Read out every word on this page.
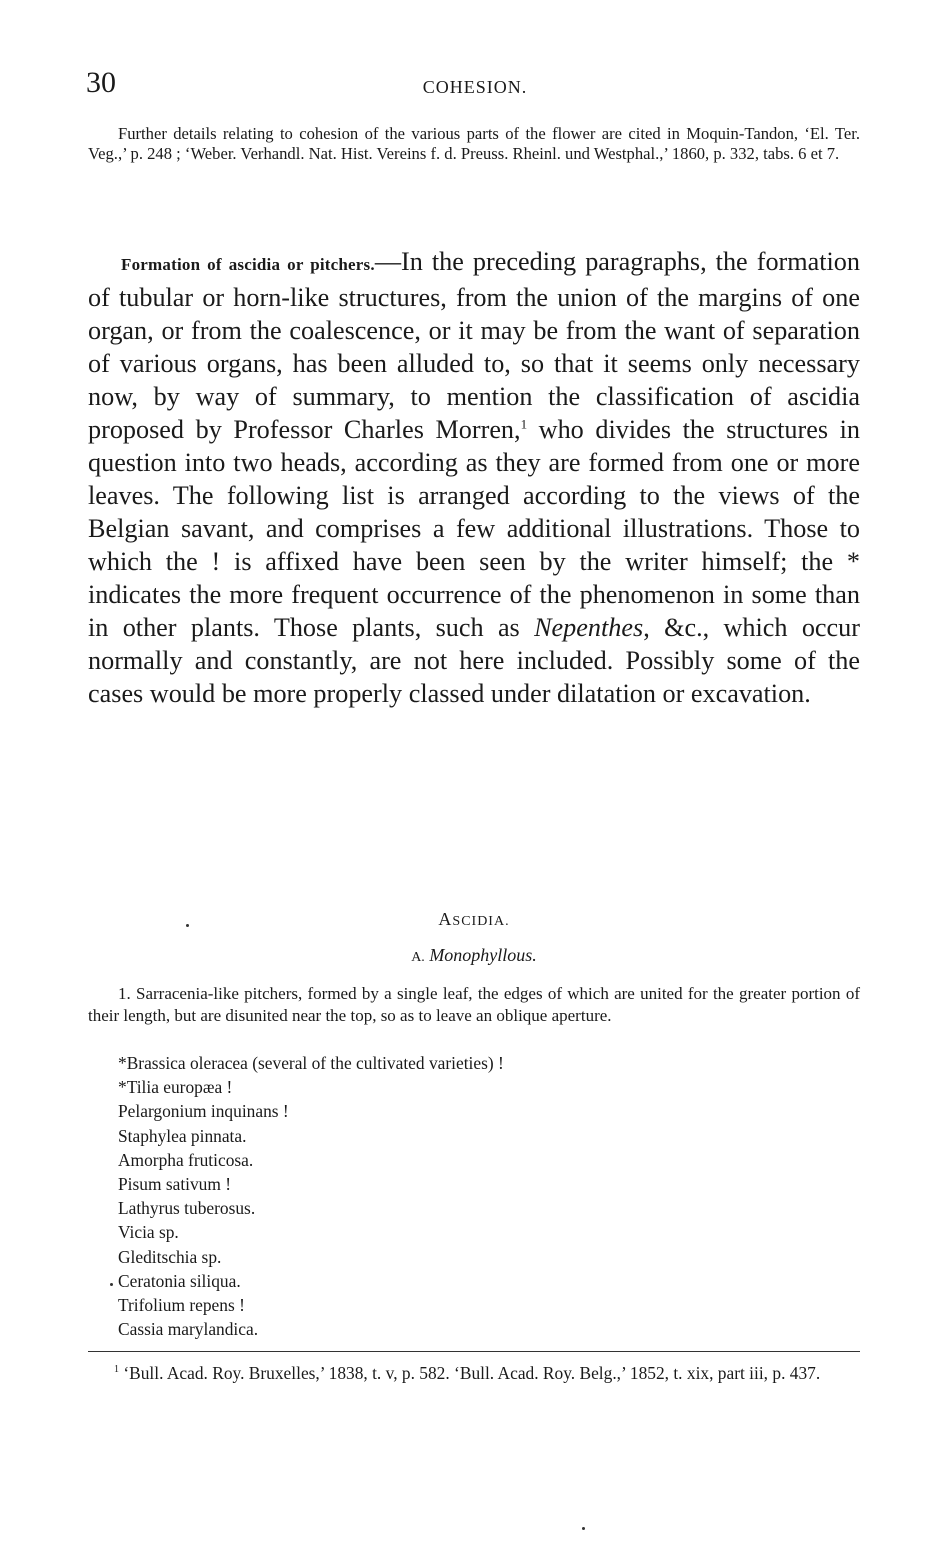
30	COHESION.

Further details relating to cohesion of the various parts of the flower are cited in Moquin-Tandon, ‘El. Ter. Veg.,’ p. 248 ; ‘Weber. Verhandl. Nat. Hist. Vereins f. d. Preuss. Rheinl. und Westphal.,’ 1860, p. 332, tabs. 6 et 7.

Formation of ascidia or pitchers.—In the preceding paragraphs, the formation of tubular or horn-like structures, from the union of the margins of one organ, or from the coalescence, or it may be from the want of separation of various organs, has been alluded to, so that it seems only necessary now, by way of summary, to mention the classification of ascidia proposed by Professor Charles Morren,$^1$ who divides the structures in question into two heads, according as they are formed from one or more leaves. The following list is arranged according to the views of the Belgian savant, and comprises a few additional illustrations. Those to which the ! is affixed have been seen by the writer himself; the * indicates the more frequent occurrence of the phenomenon in some than in other plants. Those plants, such as Nepenthes, &c., which occur normally and constantly, are not here included. Possibly some of the cases would be more properly classed under dilatation or excavation.

ASCIDIA.

A. Monophyllous.

1. Sarracenia-like pitchers, formed by a single leaf, the edges of which are united for the greater portion of their length, but are disunited near the top, so as to leave an oblique aperture.

*Brassica oleracea (several of the cultivated varieties) !
*Tilia europæa !
Pelargonium inquinans !
Staphylea pinnata.
Amorpha fruticosa.
Pisum sativum !
Lathyrus tuberosus.
Vicia sp.
Gleditschia sp.
Ceratonia siliqua.
Trifolium repens !
Cassia marylandica.

$^1$ ‘Bull. Acad. Roy. Bruxelles,’ 1838, t. v, p. 582. ‘Bull. Acad. Roy. Belg.,’ 1852, t. xix, part iii, p. 437.
